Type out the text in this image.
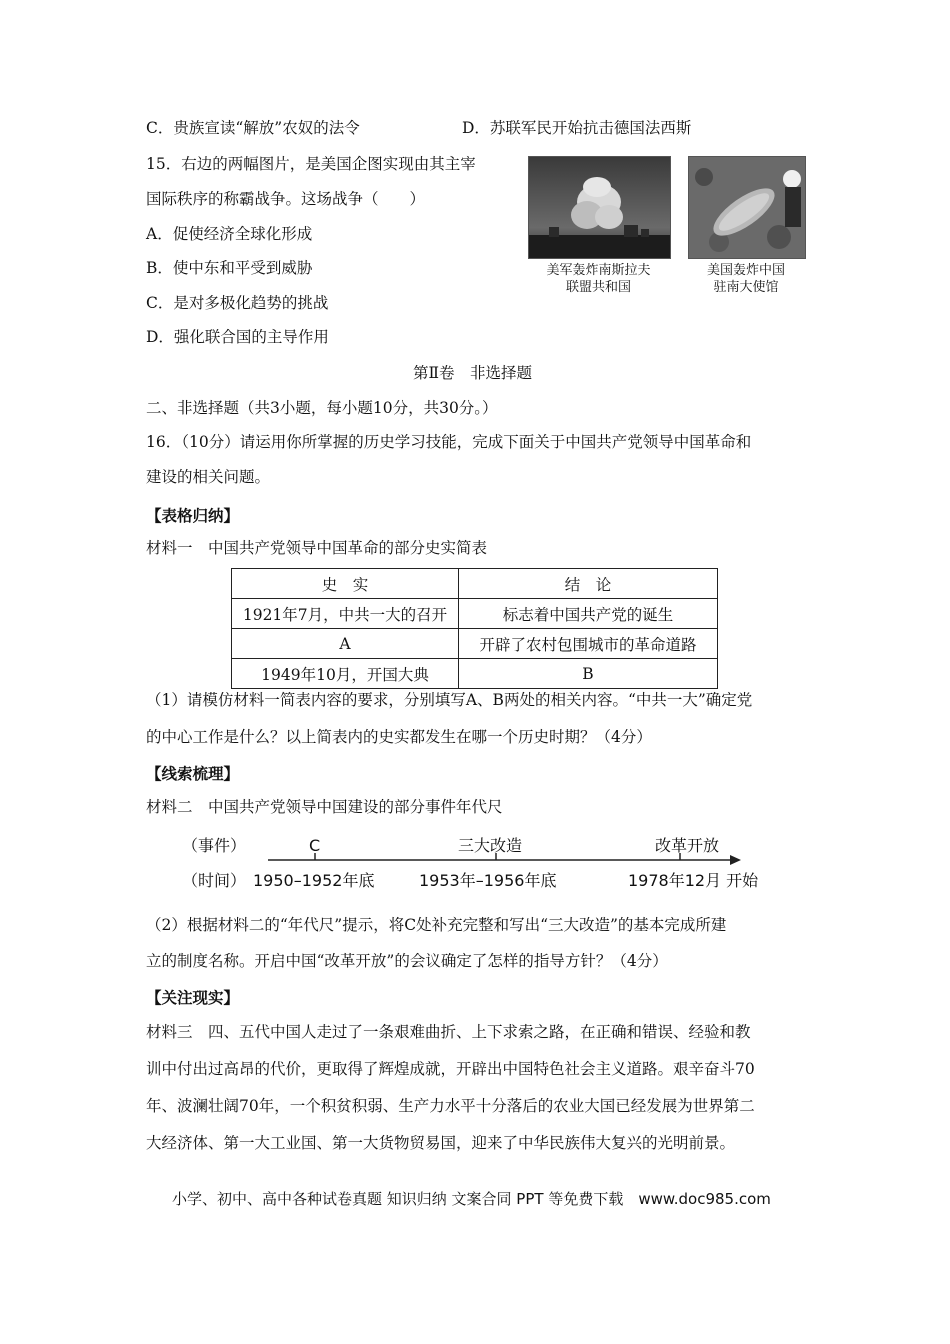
C．贵族宣读“解放”农奴的法令	D．苏联军民开始抗击德国法西斯
15．右边的两幅图片，是美国企图实现由其主宰
国际秩序的称霸战争。这场战争（　　）
A．促使经济全球化形成
B．使中东和平受到威胁
C．是对多极化趋势的挑战
D．强化联合国的主导作用
美军轰炸南斯拉夫
联盟共和国
美国轰炸中国
驻南大使馆
第Ⅱ卷　非选择题
二、非选择题（共3小题，每小题10分，共30分。）
16．（10分）请运用你所掌握的历史学习技能，完成下面关于中国共产党领导中国革命和
建设的相关问题。
【表格归纳】
材料一　中国共产党领导中国革命的部分史实简表
史　实	结　论
1921年7月，中共一大的召开	标志着中国共产党的诞生
A	开辟了农村包围城市的革命道路
1949年10月，开国大典	B
（1）请模仿材料一简表内容的要求，分别填写A、B两处的相关内容。“中共一大”确定党
的中心工作是什么？以上简表内的史实都发生在哪一个历史时期？（4分）
【线索梳理】
材料二　中国共产党领导中国建设的部分事件年代尺
（事件）
（时间）
C	三大改造	改革开放
1950–1952年底	1953年–1956年底	1978年12月 开始
（2）根据材料二的“年代尺”提示，将C处补充完整和写出“三大改造”的基本完成所建
立的制度名称。开启中国“改革开放”的会议确定了怎样的指导方针？（4分）
【关注现实】
材料三　四、五代中国人走过了一条艰难曲折、上下求索之路，在正确和错误、经验和教
训中付出过高昂的代价，更取得了辉煌成就，开辟出中国特色社会主义道路。艰辛奋斗70
年、波澜壮阔70年，一个积贫积弱、生产力水平十分落后的农业大国已经发展为世界第二
大经济体、第一大工业国、第一大货物贸易国，迎来了中华民族伟大复兴的光明前景。
小学、初中、高中各种试卷真题 知识归纳 文案合同 PPT 等免费下载　www.doc985.com
